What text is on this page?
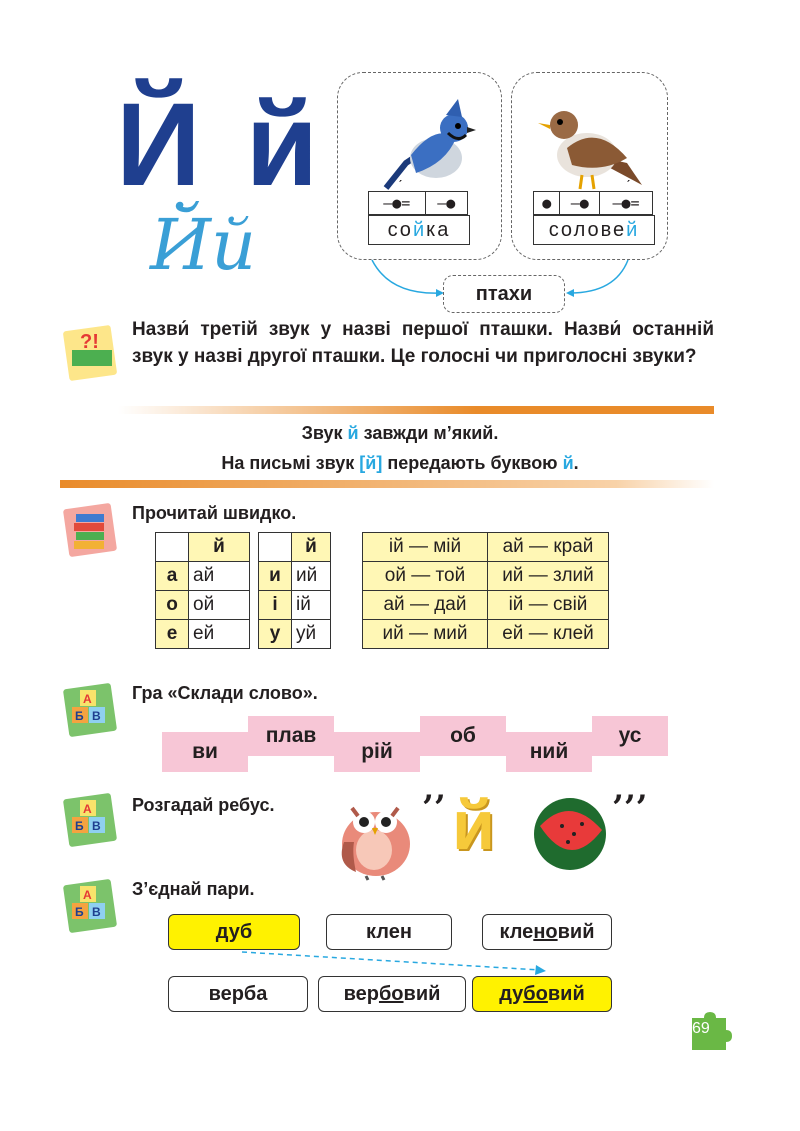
Й й
Йй
ˊ
–●=	–●
сойка
ˊ
●	–●	–●=
соловей
птахи
?!
Назви́ третій звук у назві першої пташки. Назви́ останній звук у назві другої пташки. Це голосні чи приголосні звуки?
Звук й завжди м’який.
На письмі звук [й] передають буквою й.
Прочитай швидко.
	й
а	ай
о	ой
е	ей
	й
и	ий
і	ій
у	уй
ій — мій	ай — край
ой — той	ий — злий
ай — дай	ій — свій
ий — мий	ей — клей
А
Б В
Гра «Склади слово».
ви
плав
рій
об
ний
ус
А
Б В
Розгадай ребус.	’’ й	’’’
А
Б В
З’єднай пари.
дуб	клен	кленовий
верба	вербовий	дубовий
69
